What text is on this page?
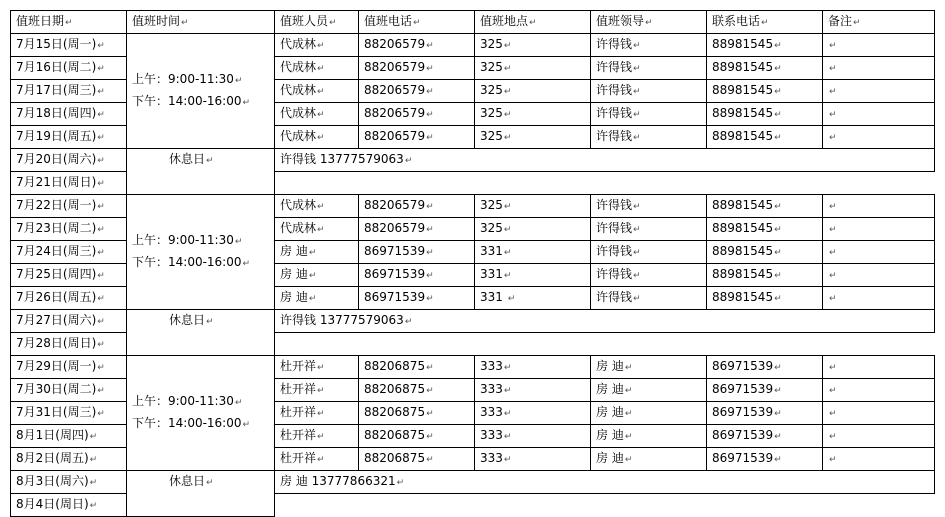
值班日期↵	值班时间↵	值班人员↵	值班电话↵	值班地点↵	值班领导↵	联系电话↵	备注↵
7月15日(周一)↵	上午：9:00-11:30↵
下午：14:00-16:00↵	代成林↵	88206579↵	325↵	许得钱↵	88981545↵	↵
7月16日(周二)↵		代成林↵	88206579↵	325↵	许得钱↵	88981545↵	↵
7月17日(周三)↵		代成林↵	88206579↵	325↵	许得钱↵	88981545↵	↵
7月18日(周四)↵		代成林↵	88206579↵	325↵	许得钱↵	88981545↵	↵
7月19日(周五)↵		代成林↵	88206579↵	325↵	许得钱↵	88981545↵	↵
7月20日(周六)↵	休息日↵	许得钱 13777579063↵					
7月21日(周日)↵							
7月22日(周一)↵	上午：9:00-11:30↵
下午：14:00-16:00↵	代成林↵	88206579↵	325↵	许得钱↵	88981545↵	↵
7月23日(周二)↵		代成林↵	88206579↵	325↵	许得钱↵	88981545↵	↵
7月24日(周三)↵		房 迪↵	86971539↵	331↵	许得钱↵	88981545↵	↵
7月25日(周四)↵		房 迪↵	86971539↵	331↵	许得钱↵	88981545↵	↵
7月26日(周五)↵		房 迪↵	86971539↵	331 ↵	许得钱↵	88981545↵	↵
7月27日(周六)↵	休息日↵	许得钱 13777579063↵					
7月28日(周日)↵							
7月29日(周一)↵	上午：9:00-11:30↵
下午：14:00-16:00↵	杜开祥↵	88206875↵	333↵	房 迪↵	86971539↵	↵
7月30日(周二)↵		杜开祥↵	88206875↵	333↵	房 迪↵	86971539↵	↵
7月31日(周三)↵		杜开祥↵	88206875↵	333↵	房 迪↵	86971539↵	↵
8月1日(周四)↵		杜开祥↵	88206875↵	333↵	房 迪↵	86971539↵	↵
8月2日(周五)↵		杜开祥↵	88206875↵	333↵	房 迪↵	86971539↵	↵
8月3日(周六)↵	休息日↵	房 迪 13777866321↵					
8月4日(周日)↵							
